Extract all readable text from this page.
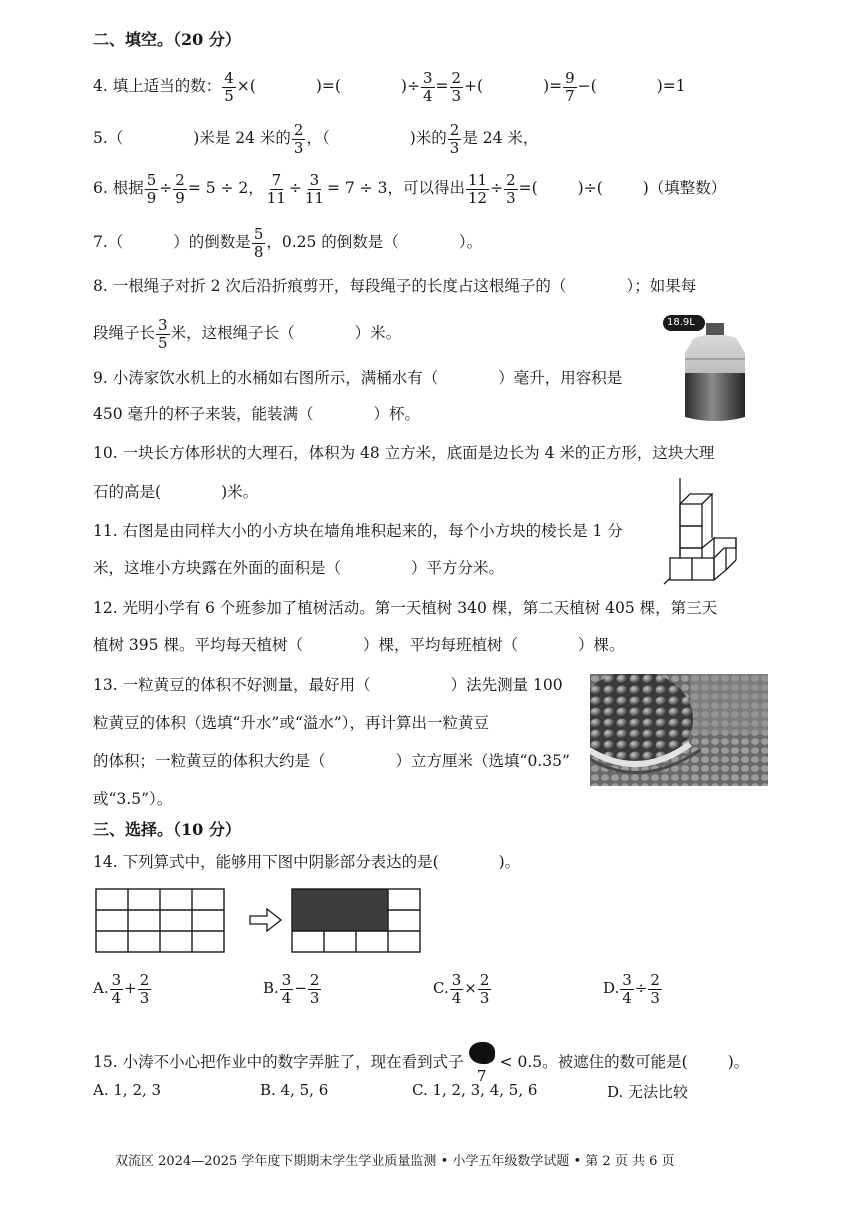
二、填空。（20 分）
4. 填上适当的数： $\frac{4}{5}$ ×(	)=(	)÷ $\frac{3}{4} = \frac{2}{3}$ +(	)= $\frac{9}{7}$ −(	)=1
5.（	)米是 24 米的 $\frac{2}{3}$ ，（	)米的 $\frac{2}{3}$ 是 24 米，
6. 根据 $\frac{5}{9} \div \frac{2}{9} = 5 \div 2$， $\frac{7}{11} \div \frac{3}{11} = 7 \div 3$，可以得出 $\frac{11}{12} \div \frac{2}{3}$ =(	)÷(	)（填整数）
7.（	）的倒数是 $\frac{5}{8}$ ，0.25 的倒数是（	）。
8. 一根绳子对折 2 次后沿折痕剪开，每段绳子的长度占这根绳子的（	）；如果每
段绳子长 $\frac{3}{5}$ 米，这根绳子长（	）米。
18.9L
9. 小涛家饮水机上的水桶如右图所示，满桶水有（	）毫升，用容积是
450 毫升的杯子来装，能装满（	）杯。
10. 一块长方体形状的大理石，体积为 48 立方米，底面是边长为 4 米的正方形，这块大理
石的高是(	)米。
11. 右图是由同样大小的小方块在墙角堆积起来的，每个小方块的棱长是 1 分
米，这堆小方块露在外面的面积是（	）平方分米。
12. 光明小学有 6 个班参加了植树活动。第一天植树 340 棵，第二天植树 405 棵，第三天
植树 395 棵。平均每天植树（	）棵，平均每班植树（	）棵。
13. 一粒黄豆的体积不好测量，最好用（	）法先测量 100
粒黄豆的体积（选填“升水”或“溢水”），再计算出一粒黄豆
的体积；一粒黄豆的体积大约是（	）立方厘米（选填“0.35”
或“3.5”）。
三、选择。（10 分）
14. 下列算式中，能够用下图中阴影部分表达的是(	)。
A. $\frac{3}{4} + \frac{2}{3}$	B. $\frac{3}{4} - \frac{2}{3}$	C. $\frac{3}{4} \times \frac{2}{3}$	D. $\frac{3}{4} \div \frac{2}{3}$
15. 小涛不小心把作业中的数字弄脏了，现在看到式子
7
< 0.5。被遮住的数可能是(	)。
A. 1, 2, 3	B. 4, 5, 6	C. 1, 2, 3, 4, 5, 6	D. 无法比较
双流区 2024—2025 学年度下期期末学生学业质量监测 • 小学五年级数学试题 • 第 2 页 共 6 页
